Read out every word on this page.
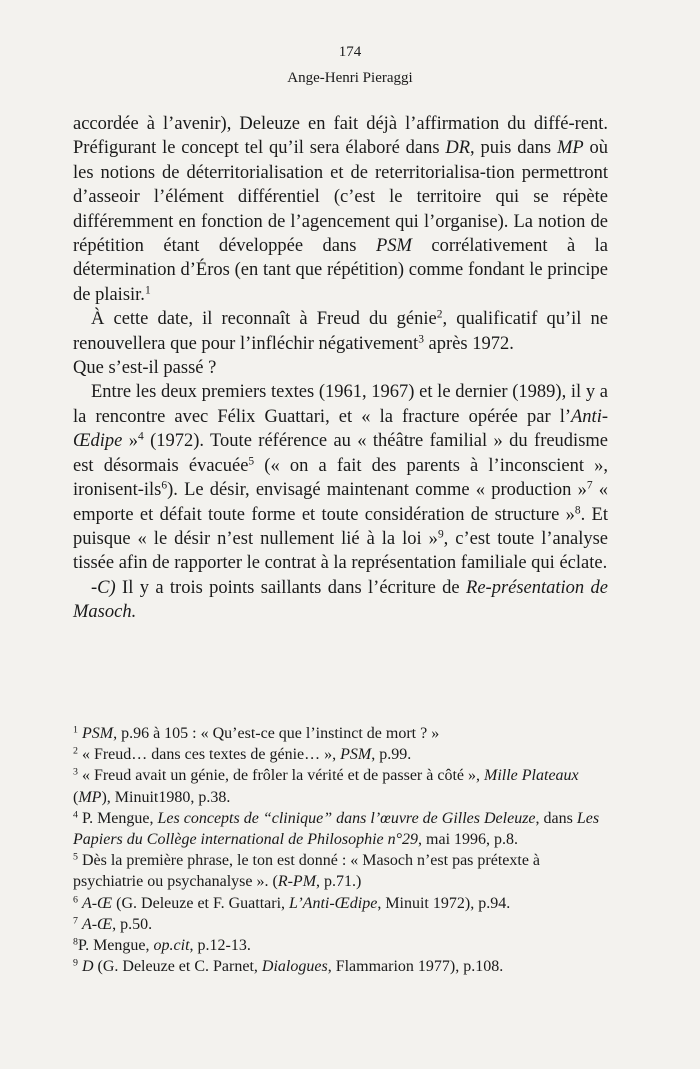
174
Ange-Henri Pieraggi

accordée à l’avenir), Deleuze en fait déjà l’affirmation du diffé-rent. Préfigurant le concept tel qu’il sera élaboré dans DR, puis dans MP où les notions de déterritorialisation et de reterritorialisa-tion permettront d’asseoir l’élément différentiel (c’est le territoire qui se répète différemment en fonction de l’agencement qui l’organise). La notion de répétition étant développée dans PSM corrélativement à la détermination d’Éros (en tant que répétition) comme fondant le principe de plaisir.$^1$

À cette date, il reconnaît à Freud du génie$^2$, qualificatif qu’il ne renouvellera que pour l’infléchir négativement$^3$ après 1972.

Que s’est-il passé ?

Entre les deux premiers textes (1961, 1967) et le dernier (1989), il y a la rencontre avec Félix Guattari, et « la fracture opérée par l’Anti-Œdipe »$^4$ (1972). Toute référence au « théâtre familial » du freudisme est désormais évacuée$^5$ (« on a fait des parents à l’inconscient », ironisent-ils$^6$). Le désir, envisagé maintenant comme « production »$^7$ « emporte et défait toute forme et toute considération de structure »$^8$. Et puisque « le désir n’est nullement lié à la loi »$^9$, c’est toute l’analyse tissée afin de rapporter le contrat à la représentation familiale qui éclate.

-C) Il y a trois points saillants dans l’écriture de Re-présentation de Masoch.

$^1$ PSM, p.96 à 105 : « Qu’est-ce que l’instinct de mort ? »

$^2$ « Freud… dans ces textes de génie… », PSM, p.99.

$^3$ « Freud avait un génie, de frôler la vérité et de passer à côté », Mille Plateaux (MP), Minuit1980, p.38.

$^4$ P. Mengue, Les concepts de “clinique” dans l’œuvre de Gilles Deleuze, dans Les Papiers du Collège international de Philosophie n°29, mai 1996, p.8.

$^5$ Dès la première phrase, le ton est donné : « Masoch n’est pas prétexte à psychiatrie ou psychanalyse ». (R-PM, p.71.)

$^6$ A-Œ (G. Deleuze et F. Guattari, L’Anti-Œdipe, Minuit 1972), p.94.

$^7$ A-Œ, p.50.

$^8$P. Mengue, op.cit, p.12-13.

$^9$ D (G. Deleuze et C. Parnet, Dialogues, Flammarion 1977), p.108.
